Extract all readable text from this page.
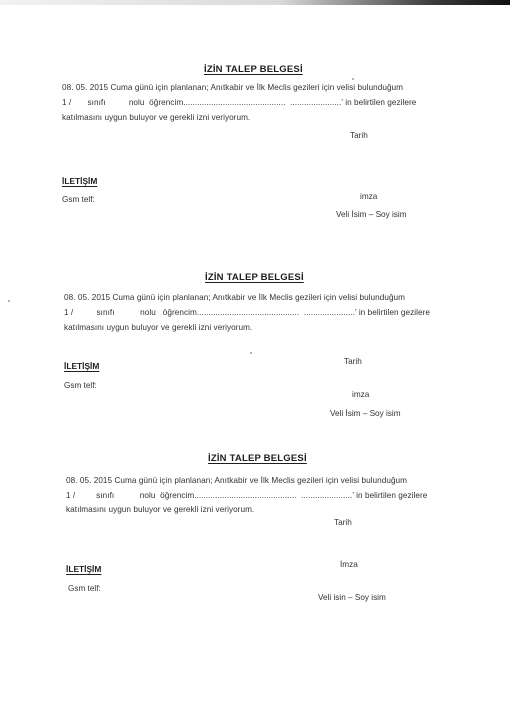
İZİN TALEP BELGESİ
08. 05. 2015 Cuma günü için planlanan; Anıtkabir ve İlk Meclis gezileri için velisi bulunduğum
1 /       sınıfı          nolu  öğrencim............................................  ......................’ in belirtilen gezilere
katılmasını uygun buluyor ve gerekli izni veriyorum.
Tarih
İLETİŞİM
imza
Gsm telf:
Veli İsim – Soy isim
İZİN TALEP BELGESİ
08. 05. 2015 Cuma günü için planlanan; Anıtkabir ve İlk Meclis gezileri için velisi bulunduğum
1 /          sınıfı           nolu   öğrencim............................................  ......................’ in belirtilen gezilere
katılmasını uygun buluyor ve gerekli izni veriyorum.
Tarih
İLETİŞİM
Gsm telf:
imza
Veli İsim – Soy isim
İZİN TALEP BELGESİ
08. 05. 2015 Cuma günü için planlanan; Anıtkabir ve İlk Meclis gezileri için velisi bulunduğum
1 /         sınıfı           nolu  öğrencim............................................  ......................’ in belirtilen gezilere
katılmasını uygun buluyor ve gerekli izni veriyorum.
Tarih
İmza
İLETİŞİM
Gsm telf:
Veli isin – Soy isim
